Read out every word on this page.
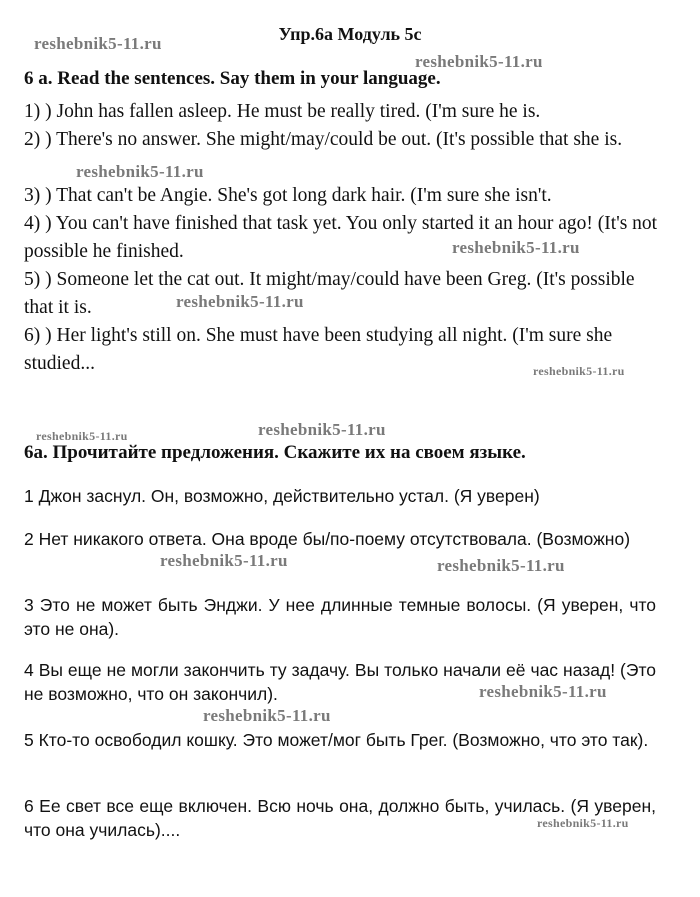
Упр.6а Модуль 5с
6 a. Read the sentences. Say them in your language.
1) ) John has fallen asleep. He must be really tired. (I'm sure he is.
2) ) There's no answer. She might/may/could be out. (It's possible that she is.
3) ) That can't be Angie. She's got long dark hair. (I'm sure she isn't.
4) ) You can't have finished that task yet. You only started it an hour ago! (It's not possible he finished.
5) ) Someone let the cat out. It might/may/could have been Greg. (It's possible that it is.
6) ) Her light's still on. She must have been studying all night. (I'm sure she studied...
6а. Прочитайте предложения. Скажите их на своем языке.
1 Джон заснул. Он, возможно, действительно устал. (Я уверен)
2 Нет никакого ответа. Она вроде бы/по-поему отсутствовала. (Возможно)
3 Это не может быть Энджи. У нее длинные темные волосы. (Я уверен, что это не она).
4 Вы еще не могли закончить ту задачу. Вы только начали её час назад! (Это не возможно, что он закончил).
5 Кто-то освободил кошку. Это может/мог быть Грег. (Возможно, что это так).
6 Ее свет все еще включен. Всю ночь она, должно быть, училась. (Я уверен, что она училась)....
reshebnik5-11.ru
reshebnik5-11.ru
reshebnik5-11.ru
reshebnik5-11.ru
reshebnik5-11.ru
reshebnik5-11.ru
reshebnik5-11.ru	reshebnik5-11.ru
reshebnik5-11.ru	reshebnik5-11.ru
reshebnik5-11.ru
reshebnik5-11.ru
reshebnik5-11.ru
